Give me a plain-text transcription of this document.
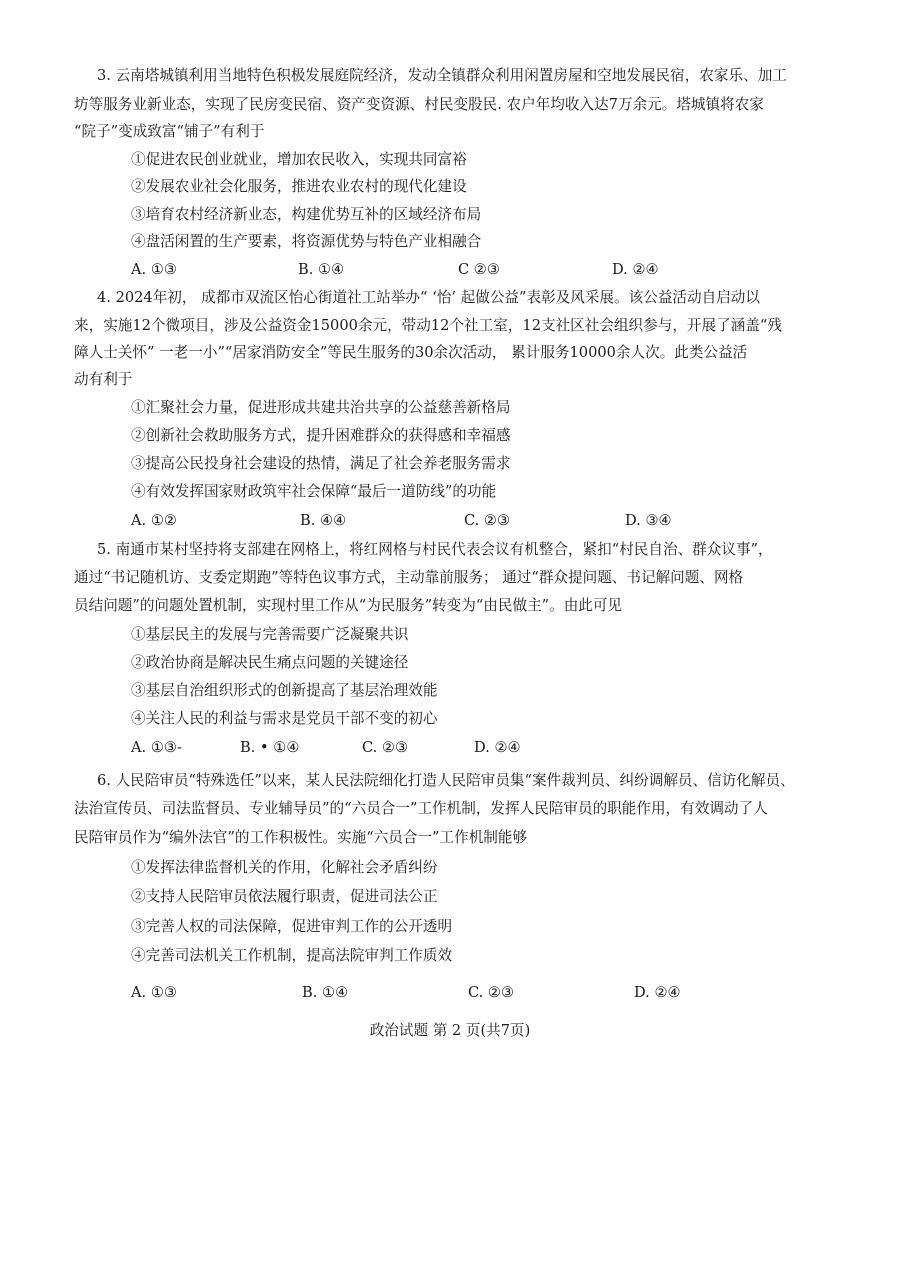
3. 云南塔城镇利用当地特色积极发展庭院经济，发动全镇群众利用闲置房屋和空地发展民宿，农家乐、加工
坊等服务业新业态，实现了民房变民宿、资产变资源、村民变股民. 农户年均收入达7万余元。塔城镇将农家
“院子”变成致富“铺子”有利于
①促进农民创业就业，增加农民收入，实现共同富裕
②发展农业社会化服务，推进农业农村的现代化建设
③培育农村经济新业态，构建优势互补的区域经济布局
④盘活闲置的生产要素，将资源优势与特色产业相融合
A. ①③	B. ①④	C ②③	D. ②④
4. 2024年初， 成都市双流区怡心街道社工站举办“ ‘怡’ 起做公益”表彰及风采展。该公益活动自启动以
来，实施12个微项目，涉及公益资金15000余元，带动12个社工室，12支社区社会组织参与，开展了涵盖“残
障人士关怀” 一老一小”“居家消防安全”等民生服务的30余次活动， 累计服务10000余人次。此类公益活
动有利于
①汇聚社会力量，促进形成共建共治共享的公益慈善新格局
②创新社会救助服务方式，提升困难群众的获得感和幸福感
③提高公民投身社会建设的热情，满足了社会养老服务需求
④有效发挥国家财政筑牢社会保障“最后一道防线”的功能
A. ①②	B. ④④	C. ②③	D. ③④
5. 南通市某村坚持将支部建在网格上，将红网格与村民代表会议有机整合，紧扣“村民自治、群众议事”，
通过“书记随机访、支委定期跑”等特色议事方式，主动靠前服务； 通过“群众提问题、书记解问题、网格
员结问题”的问题处置机制，实现村里工作从“为民服务”转变为“由民做主”。由此可见
①基层民主的发展与完善需要广泛凝聚共识
②政治协商是解决民生痛点问题的关键途径
③基层自治组织形式的创新提高了基层治理效能
④关注人民的利益与需求是党员干部不变的初心
A. ①③-	B. • ①④	C. ②③	D. ②④
6. 人民陪审员“特殊选任”以来，某人民法院细化打造人民陪审员集“案件裁判员、纠纷调解员、信访化解员、
法治宣传员、司法监督员、专业辅导员”的“六员合一”工作机制，发挥人民陪审员的职能作用，有效调动了人
民陪审员作为“编外法官”的工作积极性。实施“六员合一”工作机制能够
①发挥法律监督机关的作用，化解社会矛盾纠纷
②支持人民陪审员依法履行职责，促进司法公正
③完善人权的司法保障，促进审判工作的公开透明
④完善司法机关工作机制，提高法院审判工作质效
A. ①③	B. ①④	C. ②③	D. ②④
政治试题 第 2 页(共7页)
